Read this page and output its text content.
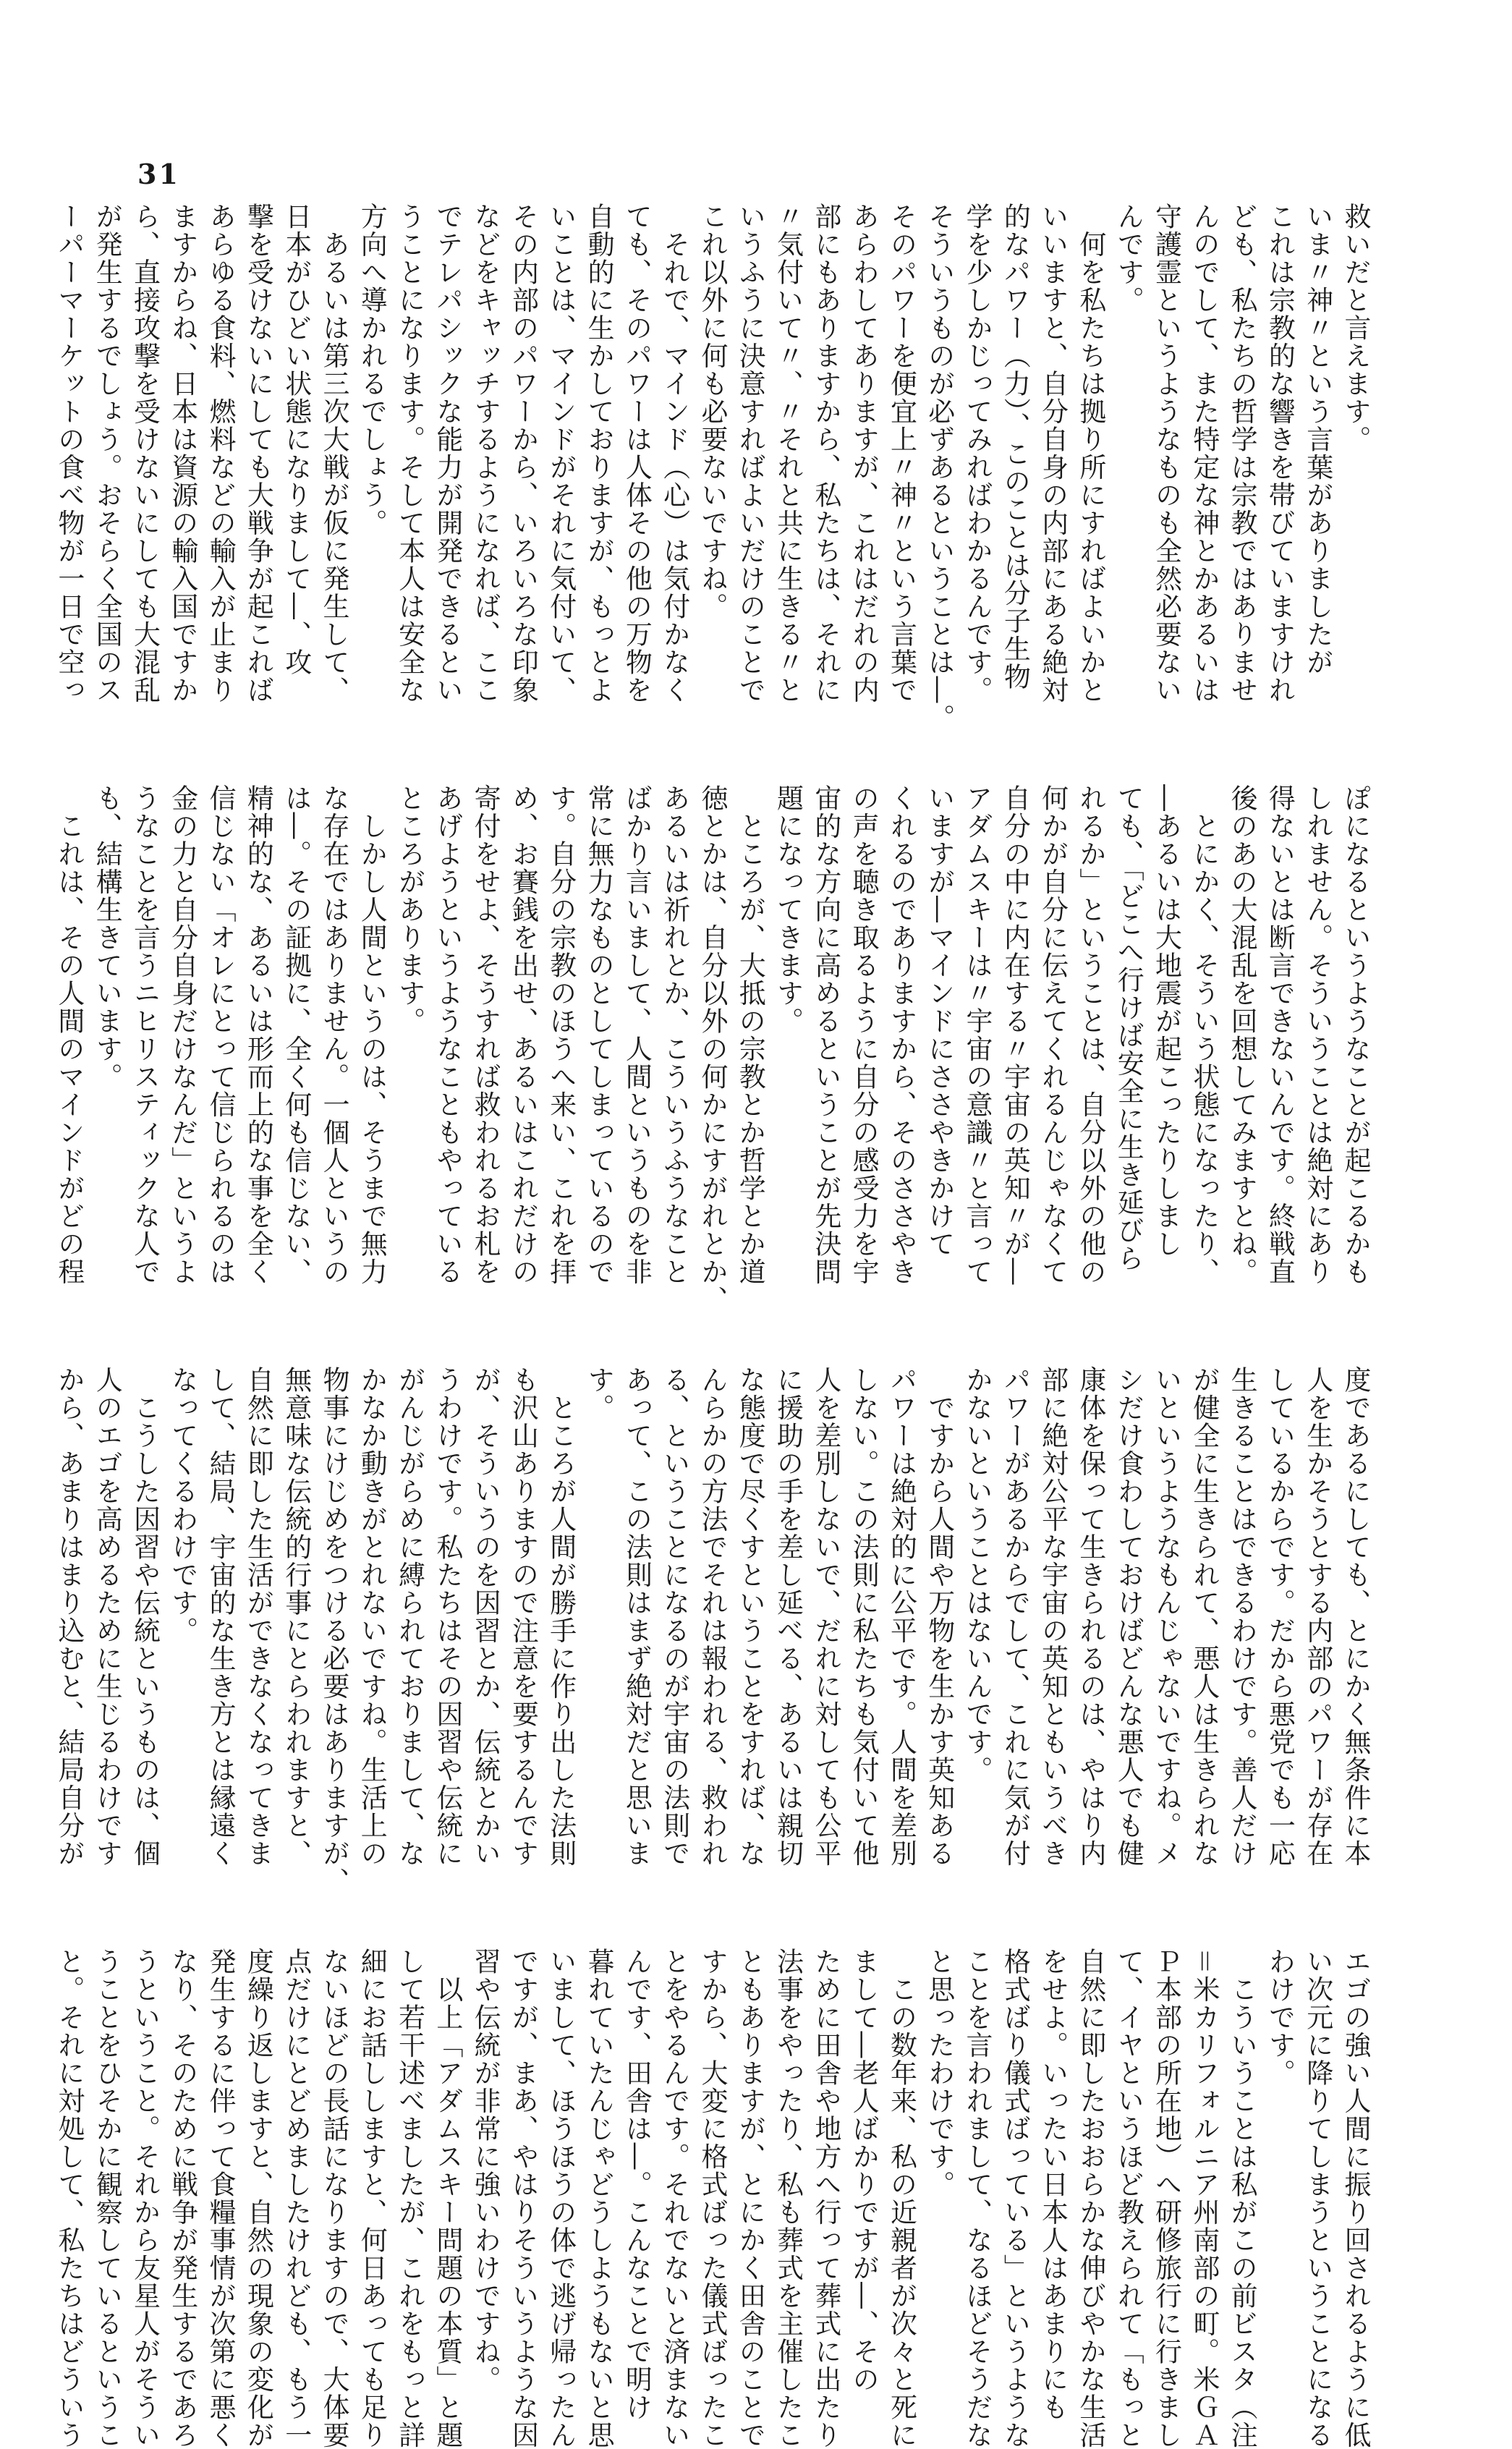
31
救いだと言えます。
いま〃神〃という言葉がありましたが
これは宗教的な響きを帯びていますけれ
ども、私たちの哲学は宗教ではありませ
んのでして、また特定な神とかあるいは
守護霊というようなものも全然必要ない
んです。
　何を私たちは拠り所にすればよいかと
いいますと、自分自身の内部にある絶対
的なパワー（力）、このことは分子生物
学を少しかじってみればわかるんです。
そういうものが必ずあるということは―。
そのパワーを便宜上〃神〃という言葉で
あらわしてありますが、これはだれの内
部にもありますから、私たちは、それに
〃気付いて〃、〃それと共に生きる〃と
いうふうに決意すればよいだけのことで
これ以外に何も必要ないですね。
　それで、マインド（心）は気付かなく
ても、そのパワーは人体その他の万物を
自動的に生かしておりますが、もっとよ
いことは、マインドがそれに気付いて、
その内部のパワーから、いろいろな印象
などをキャッチするようになれば、ここ
でテレパシックな能力が開発できるとい
うことになります。そして本人は安全な
方向へ導かれるでしょう。
　あるいは第三次大戦が仮に発生して、
日本がひどい状態になりまして―、攻
撃を受けないにしても大戦争が起これば
あらゆる食料、燃料などの輸入が止まり
ますからね、日本は資源の輸入国ですか
ら、直接攻撃を受けないにしても大混乱
が発生するでしょう。おそらく全国のス
ーパーマーケットの食べ物が一日で空っ
ぽになるというようなことが起こるかも
しれません。そういうことは絶対にあり
得ないとは断言できないんです。終戦直
後のあの大混乱を回想してみますとね。
　とにかく、そういう状態になったり、
―あるいは大地震が起こったりしまし
ても、「どこへ行けば安全に生き延びら
れるか」ということは、自分以外の他の
何かが自分に伝えてくれるんじゃなくて
自分の中に内在する〃宇宙の英知〃が―
アダムスキーは〃宇宙の意識〃と言って
いますが―マインドにささやきかけて
くれるのでありますから、そのささやき
の声を聴き取るように自分の感受力を宇
宙的な方向に高めるということが先決問
題になってきます。
　ところが、大抵の宗教とか哲学とか道
徳とかは、自分以外の何かにすがれとか、
あるいは祈れとか、こういうふうなこと
ばかり言いまして、人間というものを非
常に無力なものとしてしまっているので
す。自分の宗教のほうへ来い、これを拝
め、お賽銭を出せ、あるいはこれだけの
寄付をせよ、そうすれば救われるお札を
あげようというようなこともやっている
ところがあります。
　しかし人間というのは、そうまで無力
な存在ではありません。一個人というの
は―。その証拠に、全く何も信じない、
精神的な、あるいは形而上的な事を全く
信じない「オレにとって信じられるのは
金の力と自分自身だけなんだ」というよ
うなことを言うニヒリスティックな人で
も、結構生きています。
　これは、その人間のマインドがどの程
度であるにしても、とにかく無条件に本
人を生かそうとする内部のパワーが存在
しているからです。だから悪党でも一応
生きることはできるわけです。善人だけ
が健全に生きられて、悪人は生きられな
いというようなもんじゃないですね。メ
シだけ食わしておけばどんな悪人でも健
康体を保って生きられるのは、やはり内
部に絶対公平な宇宙の英知ともいうべき
パワーがあるからでして、これに気が付
かないということはないんです。
　ですから人間や万物を生かす英知ある
パワーは絶対的に公平です。人間を差別
しない。この法則に私たちも気付いて他
人を差別しないで、だれに対しても公平
に援助の手を差し延べる、あるいは親切
な態度で尽くすということをすれば、な
んらかの方法でそれは報われる、救われ
る、ということになるのが宇宙の法則で
あって、この法則はまず絶対だと思いま
す。
　ところが人間が勝手に作り出した法則
も沢山ありますので注意を要するんです
が、そういうのを因習とか、伝統とかい
うわけです。私たちはその因習や伝統に
がんじがらめに縛られておりまして、な
かなか動きがとれないですね。生活上の
物事にけじめをつける必要はありますが、
無意味な伝統的行事にとらわれますと、
自然に即した生活ができなくなってきま
して、結局、宇宙的な生き方とは縁遠く
なってくるわけです。
　こうした因習や伝統というものは、個
人のエゴを高めるために生じるわけです
から、あまりはまり込むと、結局自分が
エゴの強い人間に振り回されるように低
い次元に降りてしまうということになる
わけです。
　こういうことは私がこの前ビスタ（注
＝米カリフォルニア州南部の町。米ＧＡ
Ｐ本部の所在地）へ研修旅行に行きまし
て、イヤというほど教えられて「もっと
自然に即したおおらかな伸びやかな生活
をせよ。いったい日本人はあまりにも
格式ばり儀式ばっている」というような
ことを言われまして、なるほどそうだな
と思ったわけです。
　この数年来、私の近親者が次々と死に
まして―老人ばかりですが―、その
ために田舎や地方へ行って葬式に出たり
法事をやったり、私も葬式を主催したこ
ともありますが、とにかく田舎のことで
すから、大変に格式ばった儀式ばったこ
とをやるんです。それでないと済まない
んです、田舎は―。こんなことで明け
暮れていたんじゃどうしようもないと思
いまして、ほうほうの体で逃げ帰ったん
ですが、まあ、やはりそういうような因
習や伝統が非常に強いわけですね。
　以上「アダムスキー問題の本質」と題
して若干述べましたが、これをもっと詳
細にお話ししますと、何日あっても足り
ないほどの長話になりますので、大体要
点だけにとどめましたけれども、もう一
度繰り返しますと、自然の現象の変化が
発生するに伴って食糧事情が次第に悪く
なり、そのために戦争が発生するであろ
うということ。それから友星人がそうい
うことをひそかに観察しているというこ
と。それに対処して、私たちはどういう
